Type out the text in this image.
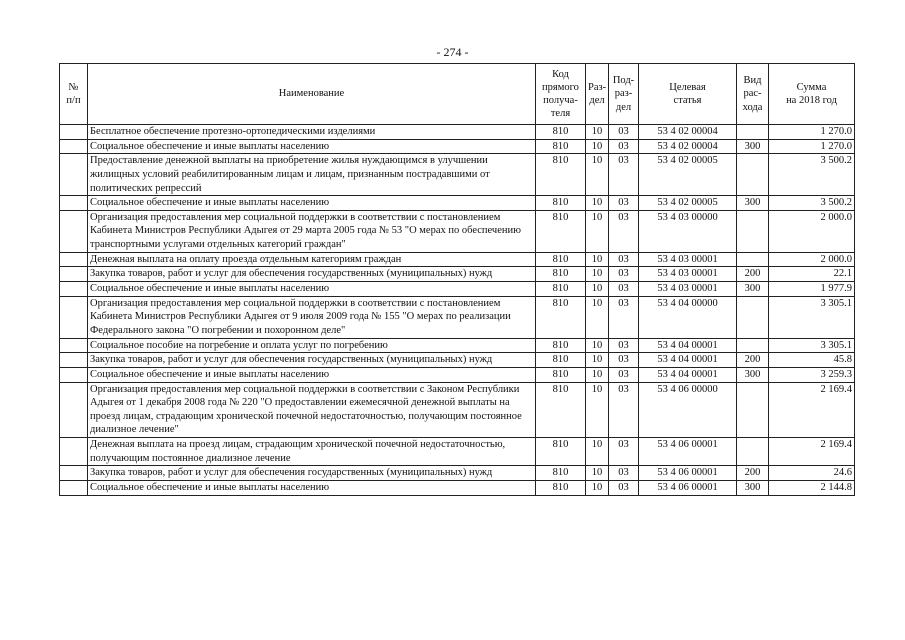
- 274 -
№
п/п	Наименование	Код
прямого
получа-
теля	Раз-
дел	Под-
раз-
дел	Целевая
статья	Вид
рас-
хода	Сумма
на 2018 год
	Бесплатное обеспечение протезно-ортопедическими изделиями	810	10	03	53 4 02 00004		1 270.0
	Социальное обеспечение и иные выплаты населению	810	10	03	53 4 02 00004	300	1 270.0
	Предоставление денежной выплаты на приобретение жилья нуждающимся в улучшении жилищных условий реабилитированным лицам и лицам, признанным пострадавшими от политических репрессий	810	10	03	53 4 02 00005		3 500.2
	Социальное обеспечение и иные выплаты населению	810	10	03	53 4 02 00005	300	3 500.2
	Организация предоставления мер социальной поддержки в соответствии с постановлением Кабинета Министров Республики Адыгея от 29 марта 2005 года № 53 "О мерах по обеспечению транспортными услугами отдельных категорий граждан"	810	10	03	53 4 03 00000		2 000.0
	Денежная выплата на оплату проезда отдельным категориям граждан	810	10	03	53 4 03 00001		2 000.0
	Закупка товаров, работ и услуг для обеспечения государственных (муниципальных) нужд	810	10	03	53 4 03 00001	200	22.1
	Социальное обеспечение и иные выплаты населению	810	10	03	53 4 03 00001	300	1 977.9
	Организация предоставления мер социальной поддержки в соответствии с постановлением Кабинета Министров Республики Адыгея от 9 июля 2009 года № 155 "О мерах по реализации Федерального закона "О погребении и похоронном деле"	810	10	03	53 4 04 00000		3 305.1
	Социальное пособие на погребение и оплата услуг по погребению	810	10	03	53 4 04 00001		3 305.1
	Закупка товаров, работ и услуг для обеспечения государственных (муниципальных) нужд	810	10	03	53 4 04 00001	200	45.8
	Социальное обеспечение и иные выплаты населению	810	10	03	53 4 04 00001	300	3 259.3
	Организация предоставления мер социальной поддержки в соответствии с Законом Республики Адыгея от 1 декабря 2008 года № 220 "О предоставлении ежемесячной денежной выплаты на проезд лицам, страдающим хронической почечной недостаточностью, получающим постоянное диализное лечение"	810	10	03	53 4 06 00000		2 169.4
	Денежная выплата на проезд лицам, страдающим хронической почечной недостаточностью, получающим постоянное диализное лечение	810	10	03	53 4 06 00001		2 169.4
	Закупка товаров, работ и услуг для обеспечения государственных (муниципальных) нужд	810	10	03	53 4 06 00001	200	24.6
	Социальное обеспечение и иные выплаты населению	810	10	03	53 4 06 00001	300	2 144.8
